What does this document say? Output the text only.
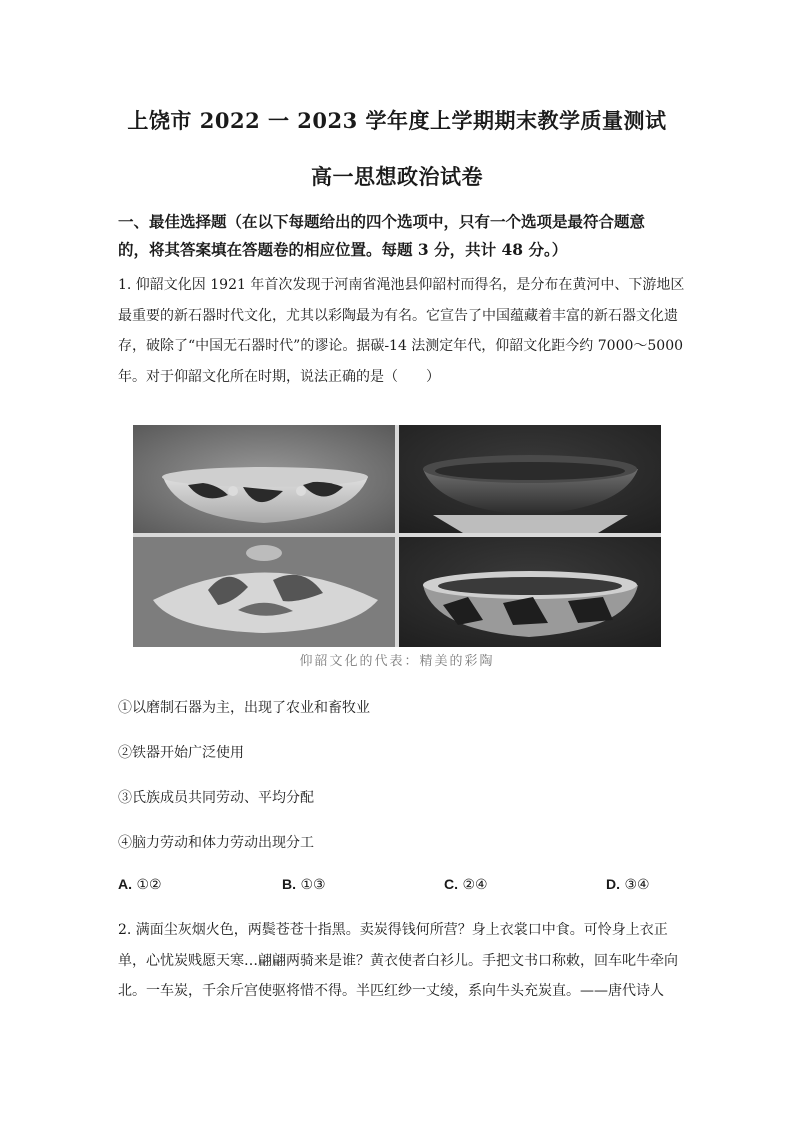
上饶市 2022 一 2023 学年度上学期期末教学质量测试
高一思想政治试卷
一、最佳选择题（在以下每题给出的四个选项中，只有一个选项是最符合题意
的，将其答案填在答题卷的相应位置。每题 3 分，共计 48 分。）
1. 仰韶文化因 1921 年首次发现于河南省渑池县仰韶村而得名，是分布在黄河中、下游地区
最重要的新石器时代文化，尤其以彩陶最为有名。它宣告了中国蕴藏着丰富的新石器文化遗
存，破除了“中国无石器时代”的谬论。据碳-14 法测定年代，仰韶文化距今约 7000～5000
年。对于仰韶文化所在时期，说法正确的是（　　）
仰韶文化的代表：精美的彩陶
①以磨制石器为主，出现了农业和畜牧业
②铁器开始广泛使用
③氏族成员共同劳动、平均分配
④脑力劳动和体力劳动出现分工
A. ①②	B. ①③	C. ②④	D. ③④
2. 满面尘灰烟火色，两鬓苍苍十指黑。卖炭得钱何所营？身上衣裳口中食。可怜身上衣正
单，心忧炭贱愿天寒…翩翩两骑来是谁？黄衣使者白衫儿。手把文书口称敕，回车叱牛牵向
北。一车炭，千余斤宫使驱将惜不得。半匹红纱一丈绫，系向牛头充炭直。——唐代诗人
